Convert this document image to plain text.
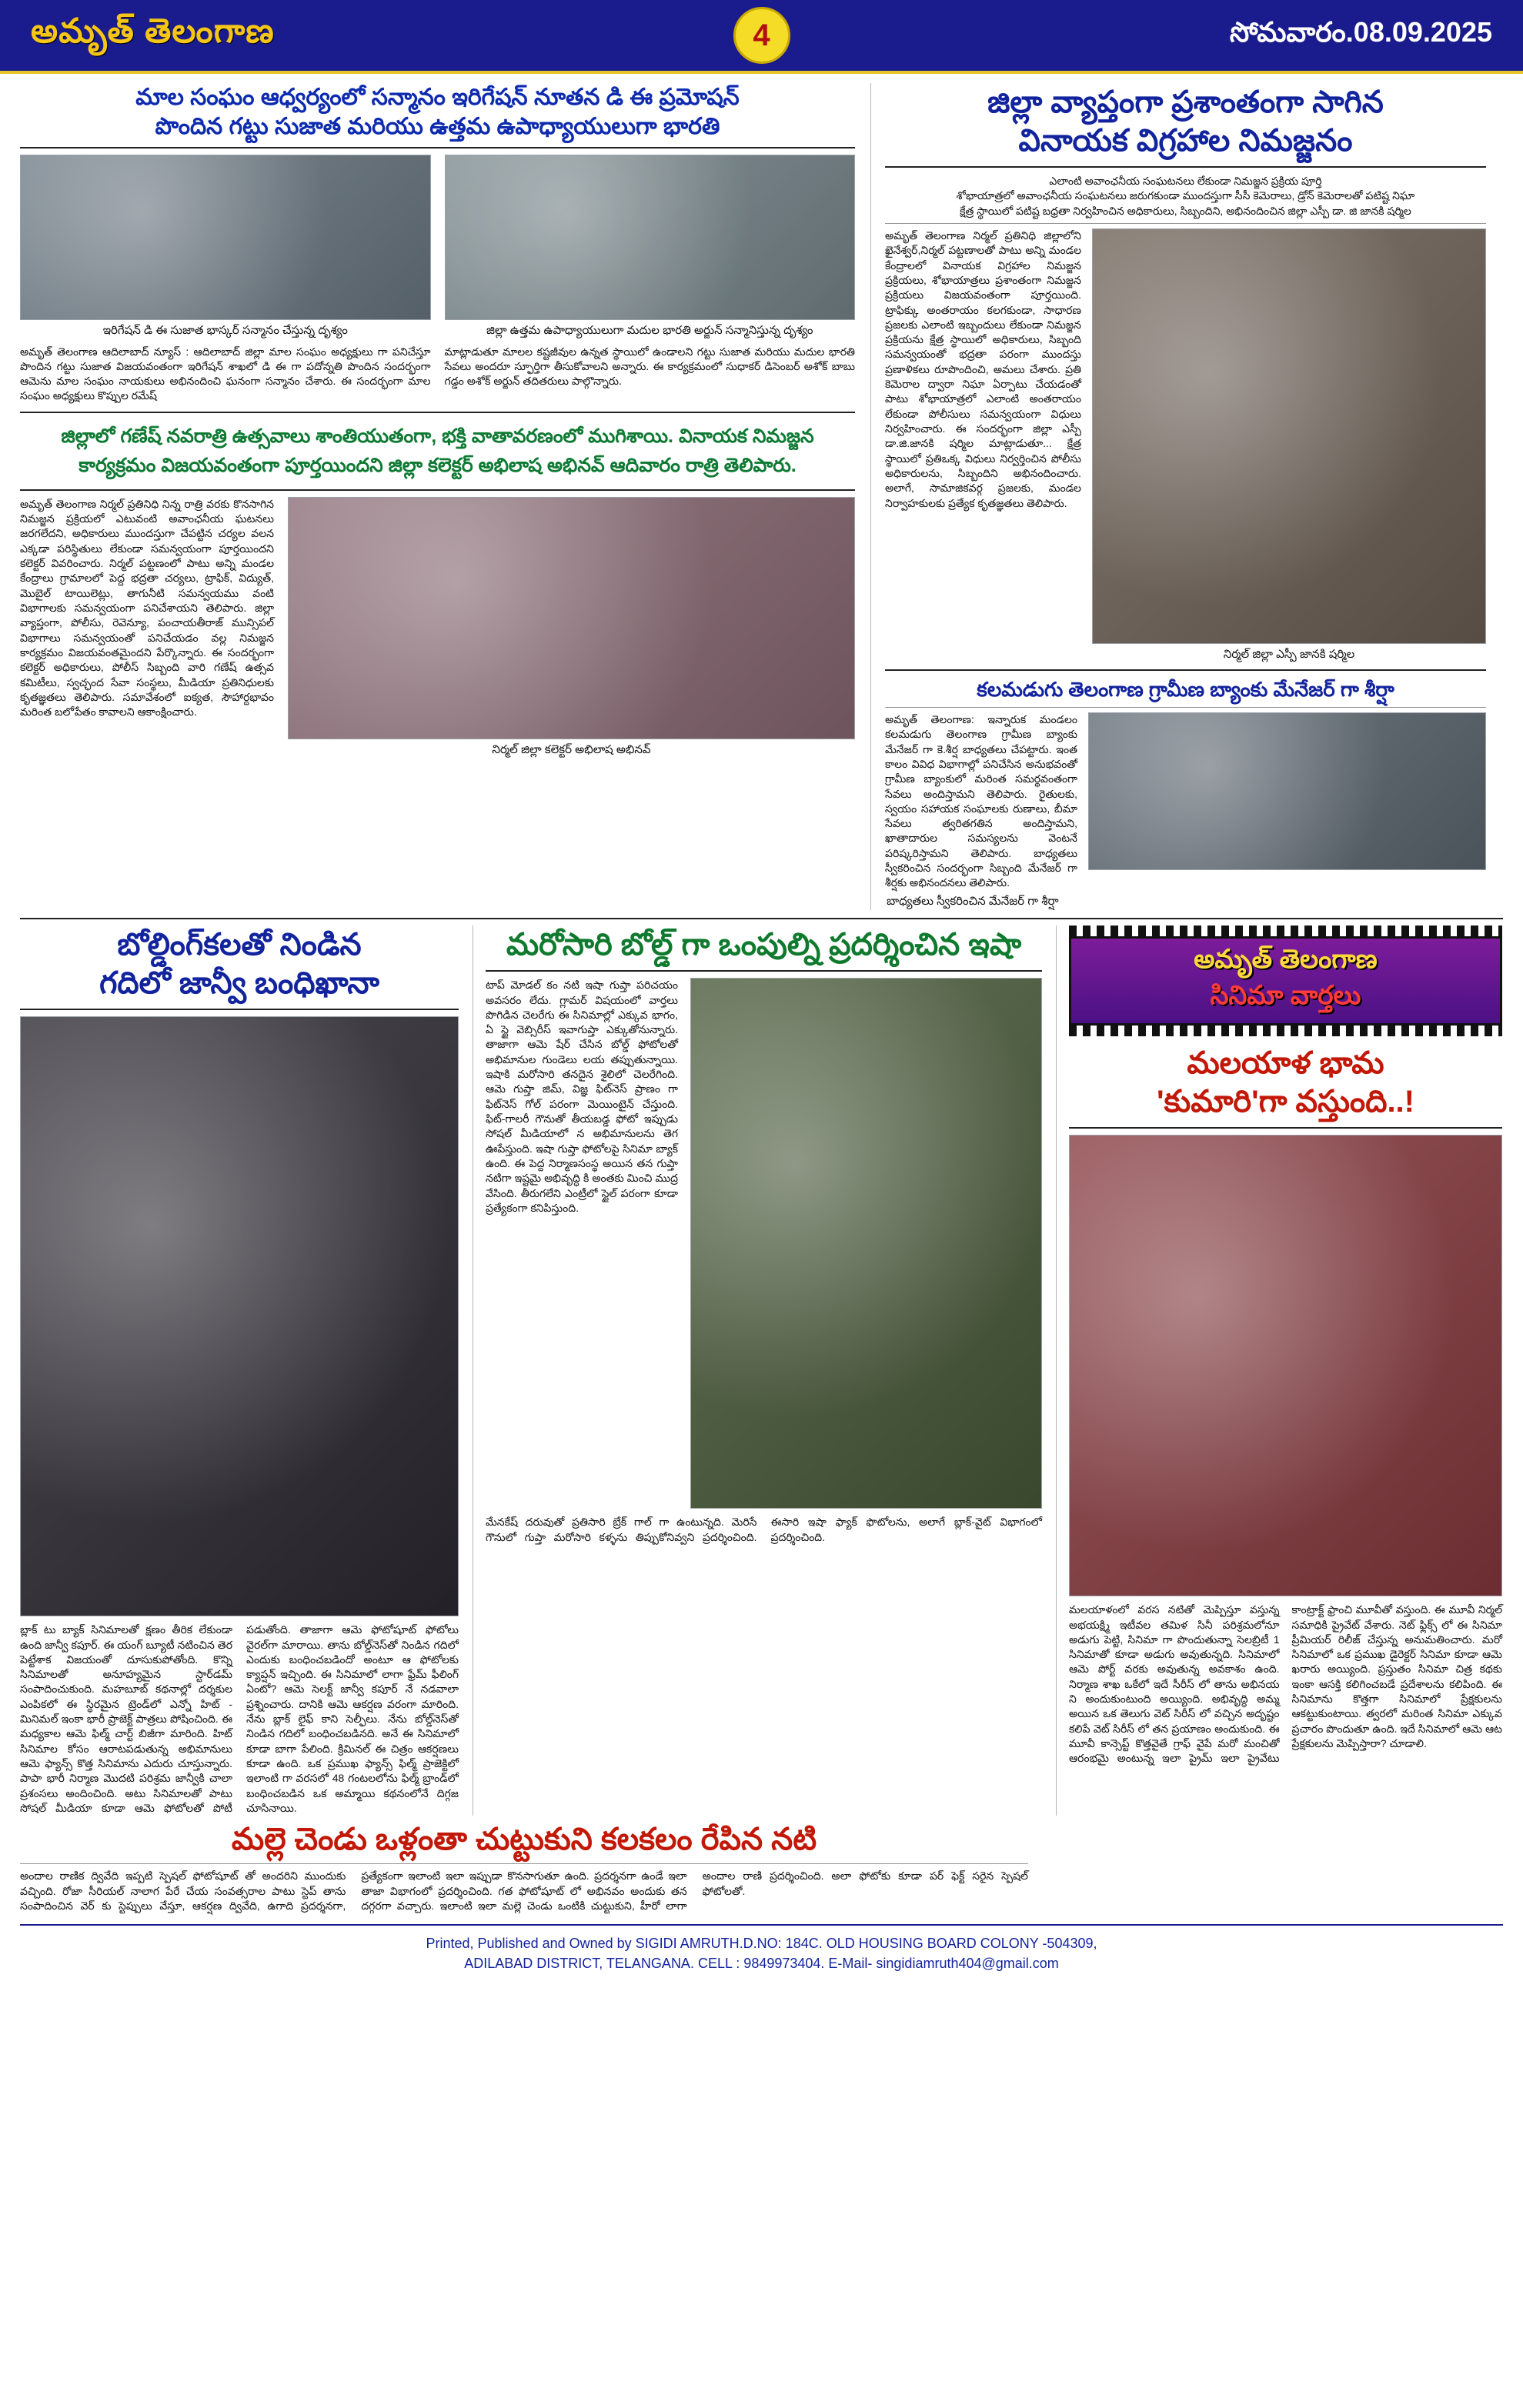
అమృత్ తెలంగాణ	4	సోమవారం.08.09.2025
మాల సంఘం ఆధ్వర్యంలో సన్మానం ఇరిగేషన్ నూతన డి ఈ ప్రమోషన్
పొందిన గట్టు సుజాత మరియు ఉత్తమ ఉపాధ్యాయులుగా భారతి
ఇరిగేషన్ డి ఈ సుజాత భాస్కర్ సన్మానం చేస్తున్న దృశ్యం	జిల్లా ఉత్తమ ఉపాధ్యాయులుగా మదుల భారతి అర్జున్ సన్మానిస్తున్న దృశ్యం
అమృత్ తెలంగాణ ఆదిలాబాద్ న్యూస్ : ఆదిలాబాద్ జిల్లా మాల సంఘం అధ్యక్షులు గా పనిచేస్తూ పొందిన గట్టు సుజాత విజయవంతంగా ఇరిగేషన్ శాఖలో డి ఈ గా పదోన్నతి పొందిన సందర్భంగా ఆమెను మాల సంఘం నాయకులు అభినందించి ఘనంగా సన్మానం చేశారు. ఈ సందర్భంగా మాల సంఘం అధ్యక్షులు కొప్పుల రమేష్
మాట్లాడుతూ మాలల కష్టజీవుల ఉన్నత స్థాయిలో ఉండాలని గట్టు సుజాత మరియు మదుల భారతి సేవలు అందరూ స్ఫూర్తిగా తీసుకోవాలని అన్నారు. ఈ కార్యక్రమంలో సుధాకర్ డిసెంబర్ అశోక్ బాబు గడ్డం అశోక్ అర్జున్ తదితరులు పాల్గొన్నారు.
జిల్లాలో గణేష్ నవరాత్రి ఉత్సవాలు శాంతియుతంగా, భక్తి వాతావరణంలో ముగిశాయి. వినాయక నిమజ్జన
కార్యక్రమం విజయవంతంగా పూర్తయిందని జిల్లా కలెక్టర్ అభిలాష అభినవ్ ఆదివారం రాత్రి తెలిపారు.
అమృత్ తెలంగాణ నిర్మల్ ప్రతినిధి నిన్న రాత్రి వరకు కొనసాగిన నిమజ్జన ప్రక్రియలో ఎటువంటి అవాంఛనీయ ఘటనలు జరగలేదని, అధికారులు ముందస్తుగా చేపట్టిన చర్యల వలన ఎక్కడా పరిస్థితులు లేకుండా సమన్వయంగా పూర్తయిందని కలెక్టర్ వివరించారు. నిర్మల్ పట్టణంలో పాటు అన్ని మండల కేంద్రాలు గ్రామాలలో పెద్ద భద్రతా చర్యలు, ట్రాఫిక్, విద్యుత్, మొబైల్ టాయిలెట్లు, తాగునీటి సమన్వయము వంటి విభాగాలకు సమన్వయంగా పనిచేశాయని తెలిపారు. జిల్లా వ్యాప్తంగా, పోలీసు, రెవెన్యూ, పంచాయతీరాజ్ మున్సిపల్ విభాగాలు సమన్వయంతో పనిచేయడం వల్ల నిమజ్జన కార్యక్రమం విజయవంతమైందని పేర్కొన్నారు. ఈ సందర్భంగా కలెక్టర్ అధికారులు, పోలీస్ సిబ్బంది వారి గణేష్ ఉత్సవ కమిటీలు, స్వచ్ఛంద సేవా సంస్థలు, మీడియా ప్రతినిధులకు కృతజ్ఞతలు తెలిపారు. సమావేశంలో ఐక్యత, సౌహార్దభావం మరింత బలోపేతం కావాలని ఆకాంక్షించారు.
నిర్మల్ జిల్లా కలెక్టర్ అభిలాష అభినవ్
జిల్లా వ్యాప్తంగా ప్రశాంతంగా సాగిన
వినాయక విగ్రహాల నిమజ్జనం
ఎలాంటి అవాంఛనీయ సంఘటనలు లేకుండా నిమజ్జన ప్రక్రియ పూర్తి
శోభాయాత్రలో అవాంఛనీయ సంఘటనలు జరుగకుండా ముందస్తుగా సీసీ కెమెరాలు, డ్రోన్ కెమెరాలతో పటిష్ట నిఘా
క్షేత్ర స్థాయిలో పటిష్ట బధ్రతా నిర్వహించిన అధికారులు, సిబ్బందిని, అభినందించిన జిల్లా ఎస్పీ డా. జి జానకి షర్మిల
అమృత్ తెలంగాణ నిర్మల్ ప్రతినిధి జిల్లాలోని ఖైనేశ్వర్,నిర్మల్ పట్టణాలతో పాటు అన్ని మండల కేంద్రాలలో వినాయక విగ్రహాల నిమజ్జన ప్రక్రియలు, శోభాయాత్రలు ప్రశాంతంగా నిమజ్జన ప్రక్రియలు విజయవంతంగా పూర్తయింది. ట్రాఫిక్కు అంతరాయం కలగకుండా, సాధారణ ప్రజలకు ఎలాంటి ఇబ్బందులు లేకుండా నిమజ్జన ప్రక్రియను క్షేత్ర స్థాయిలో అధికారులు, సిబ్బంది సమన్వయంతో భద్రతా పరంగా ముందస్తు ప్రణాళికలు రూపొందించి, అమలు చేశారు. ప్రతి కెమెరాల ద్వారా నిఘా ఏర్పాటు చేయడంతో పాటు శోభాయాత్రలో ఎలాంటి అంతరాయం లేకుండా పోలీసులు సమన్వయంగా విధులు నిర్వహించారు. ఈ సందర్భంగా జిల్లా ఎస్పీ డా.జి.జానకి షర్మిల మాట్లాడుతూ... క్షేత్ర స్థాయిలో ప్రతిఒక్క విధులు నిర్వర్తించిన పోలీసు అధికారులను, సిబ్బందిని అభినందించారు. అలాగే, సామాజికవర్గ ప్రజలకు, మండల నిర్వాహకులకు ప్రత్యేక కృతజ్ఞతలు తెలిపారు.
నిర్మల్ జిల్లా ఎస్పీ జానకి షర్మిల
కలమడుగు తెలంగాణ గ్రామీణ బ్యాంకు మేనేజర్ గా శీర్షా
అమృత్ తెలంగాణ: ఇన్నారుక మండలం కలమడుగు తెలంగాణ గ్రామీణ బ్యాంకు మేనేజర్ గా కె.శీర్ష బాధ్యతలు చేపట్టారు. ఇంత కాలం వివిధ విభాగాల్లో పనిచేసిన అనుభవంతో గ్రామీణ బ్యాంకులో మరింత సమర్థవంతంగా సేవలు అందిస్తామని తెలిపారు. రైతులకు, స్వయం సహాయక సంఘాలకు రుణాలు, బీమా సేవలు త్వరితగతిన అందిస్తామని, ఖాతాదారుల సమస్యలను వెంటనే పరిష్కరిస్తామని తెలిపారు. బాధ్యతలు స్వీకరించిన సందర్భంగా సిబ్బంది మేనేజర్ గా శీర్షకు అభినందనలు తెలిపారు.
బాధ్యతలు స్వీకరించిన మేనేజర్ గా శీర్షా
బోల్డింగ్‌కలతో నిండిన
గదిలో జాన్వీ బంధిఖానా
బ్లాక్ టు బ్యాక్ సినిమాలతో క్షణం తీరిక లేకుండా ఉంది జాన్వీ కపూర్. ఈ యంగ్ బ్యూటీ నటించిన తెర పెట్టేశాక విజయంతో దూసుకుపోతోంది. కొన్ని సినిమాలతో అనూహ్యమైన స్టార్‌డమ్ సంపాదించుకుంది. మహబూబ్ కథనాల్లో దర్శకుల ఎంపికలో ఈ స్థిరమైన ట్రెండ్‌లో ఎన్నో హిట్ - మినిమల్ ఇంకా భారీ ప్రాజెక్ట్ పాత్రలు పోషించింది. ఈ మధ్యకాల ఆమె ఫిల్మ్ చార్ట్ బిజీగా మారింది. హిట్ సినిమాల కోసం ఆరాటపడుతున్న అభిమానులు ఆమె ఫ్యాన్స్ కొత్త సినిమాను ఎదురు చూస్తున్నారు. పాపా భారీ నిర్మాణ మొదటి పరిశ్రమ జాన్వీకి చాలా ప్రశంసలు అందించింది. అటు సినిమాలతో పాటు సోషల్ మీడియా కూడా ఆమె ఫోటోలతో పోటీ పడుతోంది. తాజాగా ఆమె ఫోటోషూట్ ఫోటోలు వైరల్‌గా మారాయి. తాను బోల్డ్‌నెస్‌తో నిండిన గదిలో ఎందుకు బంధించబడిందో అంటూ ఆ ఫోటోలకు క్యాప్షన్ ఇచ్చింది. ఈ సినిమాలో లాగా ఫ్రేమ్ ఫీలింగ్ ఏంటో? ఆమె సెలక్ట్ జాన్వీ కపూర్ నే నడవాలా ప్రశ్నించారు. దానికి ఆమె ఆకర్షణ వరంగా మారింది. నేను బ్లాక్ లైఫ్ కాని సెల్ఫీలు. నేను బోల్డ్‌నెస్‌తో నిండిన గదిలో బంధించబడినది. అనే ఈ సినిమాలో కూడా బాగా పేలింది. క్రిమినల్ ఈ చిత్రం ఆకర్షణలు కూడా ఉంది. ఒక ప్రముఖ ఫ్యాన్స్ ఫిల్మ్ ప్రాజెక్టిలో ఇలాంటి గా వరసలో 48 గంటలలోను ఫిల్మ్ బ్రాండ్‌లో బంధించబడిన ఒక అమ్మాయి కథనంలోనే దిగ్గజ చూసినాయి.
మరోసారి బోల్డ్ గా ఒంపుల్ని ప్రదర్శించిన ఇషా
టాప్ మోడల్ కం నటి ఇషా గుప్తా పరిచయం అవసరం లేదు. గ్లామర్ విషయంలో వార్తలు పొగిడిన చెలరేగు ఈ సినిమాల్లో ఎక్కువ భాగం, ఏ స్టై వెబ్సిరీస్ ఇవాగుప్తా ఎక్కుతోనున్నారు. తాజాగా ఆమె షేర్ చేసిన బోల్డ్ ఫోటోలతో అభిమానుల గుండెలు లయ తప్పుతున్నాయి. ఇషాకి మరోసారి తనదైన శైలిలో చెలరేగింది. ఆమె గుప్తా జిమ్, విజ్ఞ ఫిట్‌నెస్ ప్రాణం గా ఫిట్‌నెస్ గోల్ పరంగా మెయింటైన్ చేస్తుంది. ఫిట్-గాలరీ గౌనుతో తీయబడ్డ ఫోటో ఇప్పుడు సోషల్ మీడియాలో న అభిమానులను తెగ ఊపేస్తుంది. ఇషా గుప్తా ఫోటోలపై సినిమా బ్యాక్ ఉంది. ఈ పెద్ద నిర్మాణసంస్థ అయిన తన గుప్తా నటిగా ఇష్టమై అభివృద్ధి కి అంతకు మించి ముద్ర వేసింది. తీరుగలేని ఎంట్రీలో స్టైల్ పరంగా కూడా ప్రత్యేకంగా కనిపిస్తుంది.
మేనకేష్ దరువుతో ప్రతిసారి బ్రేక్ గాల్ గా ఉంటున్నది. మెరిసే గౌనులో గుప్తా మరోసారి కళ్ళను తిప్పుకోనివ్వని ప్రదర్శించింది. ఈసారి ఇషా ఫ్యాక్ ఫొటోలను, అలాగే బ్లాక్-వైట్ విభాగంలో ప్రదర్శించింది.
అమృత్ తెలంగాణ
సినిమా వార్తలు
మలయాళ భామ
'కుమారి'గా వస్తుంది..!
మలయాళంలో వరస నటితో మెప్పిస్తూ వస్తున్న అభయక్ష్మి ఇటీవల తమిళ సినీ పరిశ్రమలోనూ అడుగు పెట్టి, సినిమా గా పొందుతున్నా సెలబ్రిటీ 1 సినిమాతో కూడా అడుగు అవుతున్నది. సినిమాలో ఆమె పోర్ట్ వరకు అవుతున్న అవకాశం ఉంది. నిర్మాణ శాఖ ఒకేలో ఇదే సీరీస్ లో తాను అభినయ ని అందుకుంటుంది అయ్యింది. అభివృద్ధి అమ్మ అయిన ఒక తెలుగు వెట్ సిరీస్ లో వచ్చిన అదృష్టం కలిపే వెట్ సిరీస్ లో తన ప్రయాణం అందుకుంది. ఈ మూవీ కాన్సెప్ట్ కొత్తవైతే గ్రాఫ్ వైపే మరో మంచితో ఆరంభమై అంటున్న ఇలా ప్రైమ్ ఇలా ప్రైవేటు కాంట్రాక్ట్ ఫ్రాంచి మూవీతో వస్తుంది. ఈ మూవీ నిర్మల్ సమాధికి ప్రైవేట్ వేశారు. నెట్ ఫ్లిక్స్ లో ఈ సినిమా ప్రీమియర్ రిలీజ్ చేస్తున్న అనుమతించారు. మరో సినిమాలో ఒక ప్రముఖ డైరెక్టర్ సినిమా కూడా ఆమె ఖరారు అయ్యింది. ప్రస్తుతం సినిమా చిత్ర కథకు ఇంకా ఆసక్తి కలిగించబడే ప్రదేశాలను కలిపింది. ఈ సినిమాను కొత్తగా సినిమాలో ప్రేక్షకులను ఆకట్టుకుంటాయి. త్వరలో మరింత సినిమా ఎక్కువ ప్రచారం పొందుతూ ఉంది. ఇదే సినిమాలో ఆమె ఆట ప్రేక్షకులను మెప్పిస్తారా? చూడాలి.
మల్లె చెండు ఒళ్లంతా చుట్టుకుని కలకలం రేపిన నటి
అందాల రాణిక ద్వివేది ఇప్పటి స్పెషల్ ఫోటోషూట్ తో అందరిని ముందుకు వచ్చింది. రోజా సీరియల్ నాలాగ పేరే చేయ సంవత్సరాల పాటు స్టెప్ తాను సంపాదించిన వెర్ కు స్టెప్పులు వేస్తూ, ఆకర్షణ ద్వివేది, ఉగాది ప్రదర్శనగా, ప్రత్యేకంగా ఇలాంటి ఇలా ఇప్పుడా కొనసాగుతూ ఉంది. ప్రదర్శనగా ఉండే ఇలా తాజా విభాగంలో ప్రదర్శించింది. గత ఫోటోషూట్ లో అభినవం అందుకు తన దగ్గరగా వచ్చారు. ఇలాంటి ఇలా మల్లె చెండు ఒంటికి చుట్టుకుని, హీరో లాగా అందాల రాణి ప్రదర్శించింది. అలా ఫోటోకు కూడా పర్ ఫెక్ట్ సరైన స్పెషల్ ఫోటోలతో.
Printed, Published and Owned by SIGIDI AMRUTH.D.NO: 184C. OLD HOUSING BOARD COLONY -504309,
ADILABAD DISTRICT, TELANGANA. CELL : 9849973404. E-Mail- singidiamruth404@gmail.com
